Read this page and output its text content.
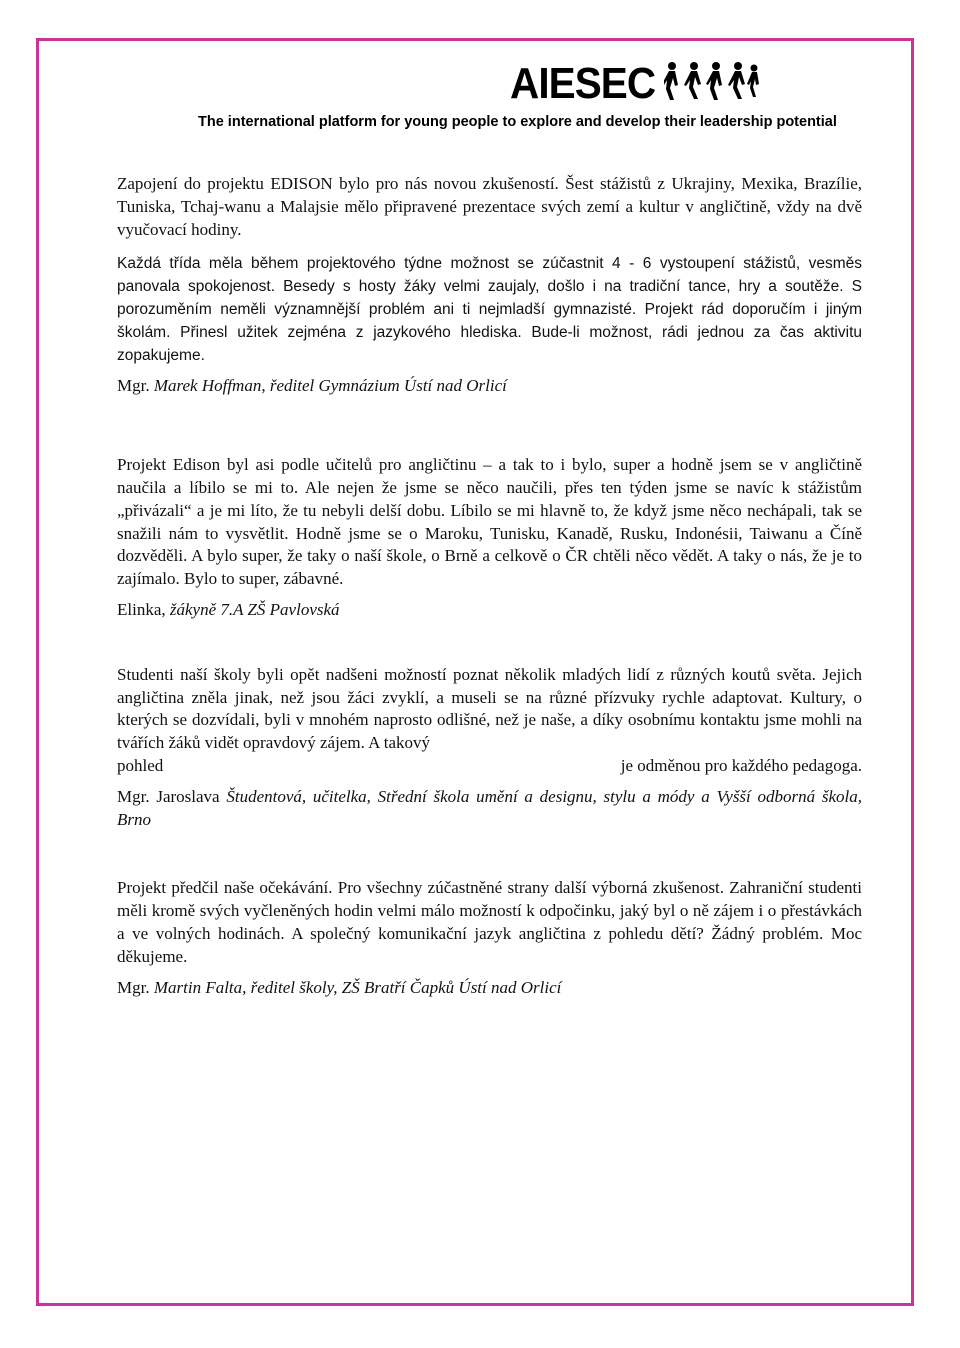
AIESEC
The international platform for young people to explore and develop their leadership potential

Zapojení do projektu EDISON bylo pro nás novou zkušeností. Šest stážistů z Ukrajiny, Mexika, Brazílie, Tuniska, Tchaj-wanu a Malajsie mělo připravené prezentace svých zemí a kultur v angličtině, vždy na dvě vyučovací hodiny.

Každá třída měla během projektového týdne možnost se zúčastnit 4 - 6 vystoupení stážistů, vesměs panovala spokojenost. Besedy s hosty žáky velmi zaujaly, došlo i na tradiční tance, hry a soutěže. S porozuměním neměli významnější problém ani ti nejmladší gymnazisté. Projekt rád doporučím i jiným školám. Přinesl užitek zejména z jazykového hlediska. Bude-li možnost, rádi jednou za čas aktivitu zopakujeme.

Mgr. Marek Hoffman, ředitel Gymnázium Ústí nad Orlicí

Projekt Edison byl asi podle učitelů pro angličtinu – a tak to i bylo, super a hodně jsem se v angličtině naučila a líbilo se mi to. Ale nejen že jsme se něco naučili, přes ten týden jsme se navíc k stážistům „přivázali“ a je mi líto, že tu nebyli delší dobu. Líbilo se mi hlavně to, že když jsme něco nechápali, tak se snažili nám to vysvětlit. Hodně jsme se o Maroku, Tunisku, Kanadě, Rusku, Indonésii, Taiwanu a Číně dozvěděli. A bylo super, že taky o naší škole, o Brně a celkově o ČR chtěli něco vědět. A taky o nás, že je to zajímalo. Bylo to super, zábavné.

Elinka, žákyně 7.A ZŠ Pavlovská

Studenti naší školy byli opět nadšeni možností poznat několik mladých lidí z různých koutů světa. Jejich angličtina zněla jinak, než jsou žáci zvyklí, a museli se na různé přízvuky rychle adaptovat. Kultury, o kterých se dozvídali, byli v mnohém naprosto odlišné, než je naše, a díky osobnímu kontaktu jsme mohli na tvářích žáků vidět opravdový zájem. A takový

pohled	je odměnou pro každého pedagoga.

Mgr. Jaroslava Študentová, učitelka, Střední škola umění a designu, stylu a módy a Vyšší odborná škola, Brno

Projekt předčil naše očekávání. Pro všechny zúčastněné strany další výborná zkušenost. Zahraniční studenti měli kromě svých vyčleněných hodin velmi málo možností k odpočinku, jaký byl o ně zájem i o přestávkách a ve volných hodinách. A společný komunikační jazyk angličtina z pohledu dětí? Žádný problém. Moc děkujeme.

Mgr. Martin Falta, ředitel školy, ZŠ Bratří Čapků Ústí nad Orlicí
